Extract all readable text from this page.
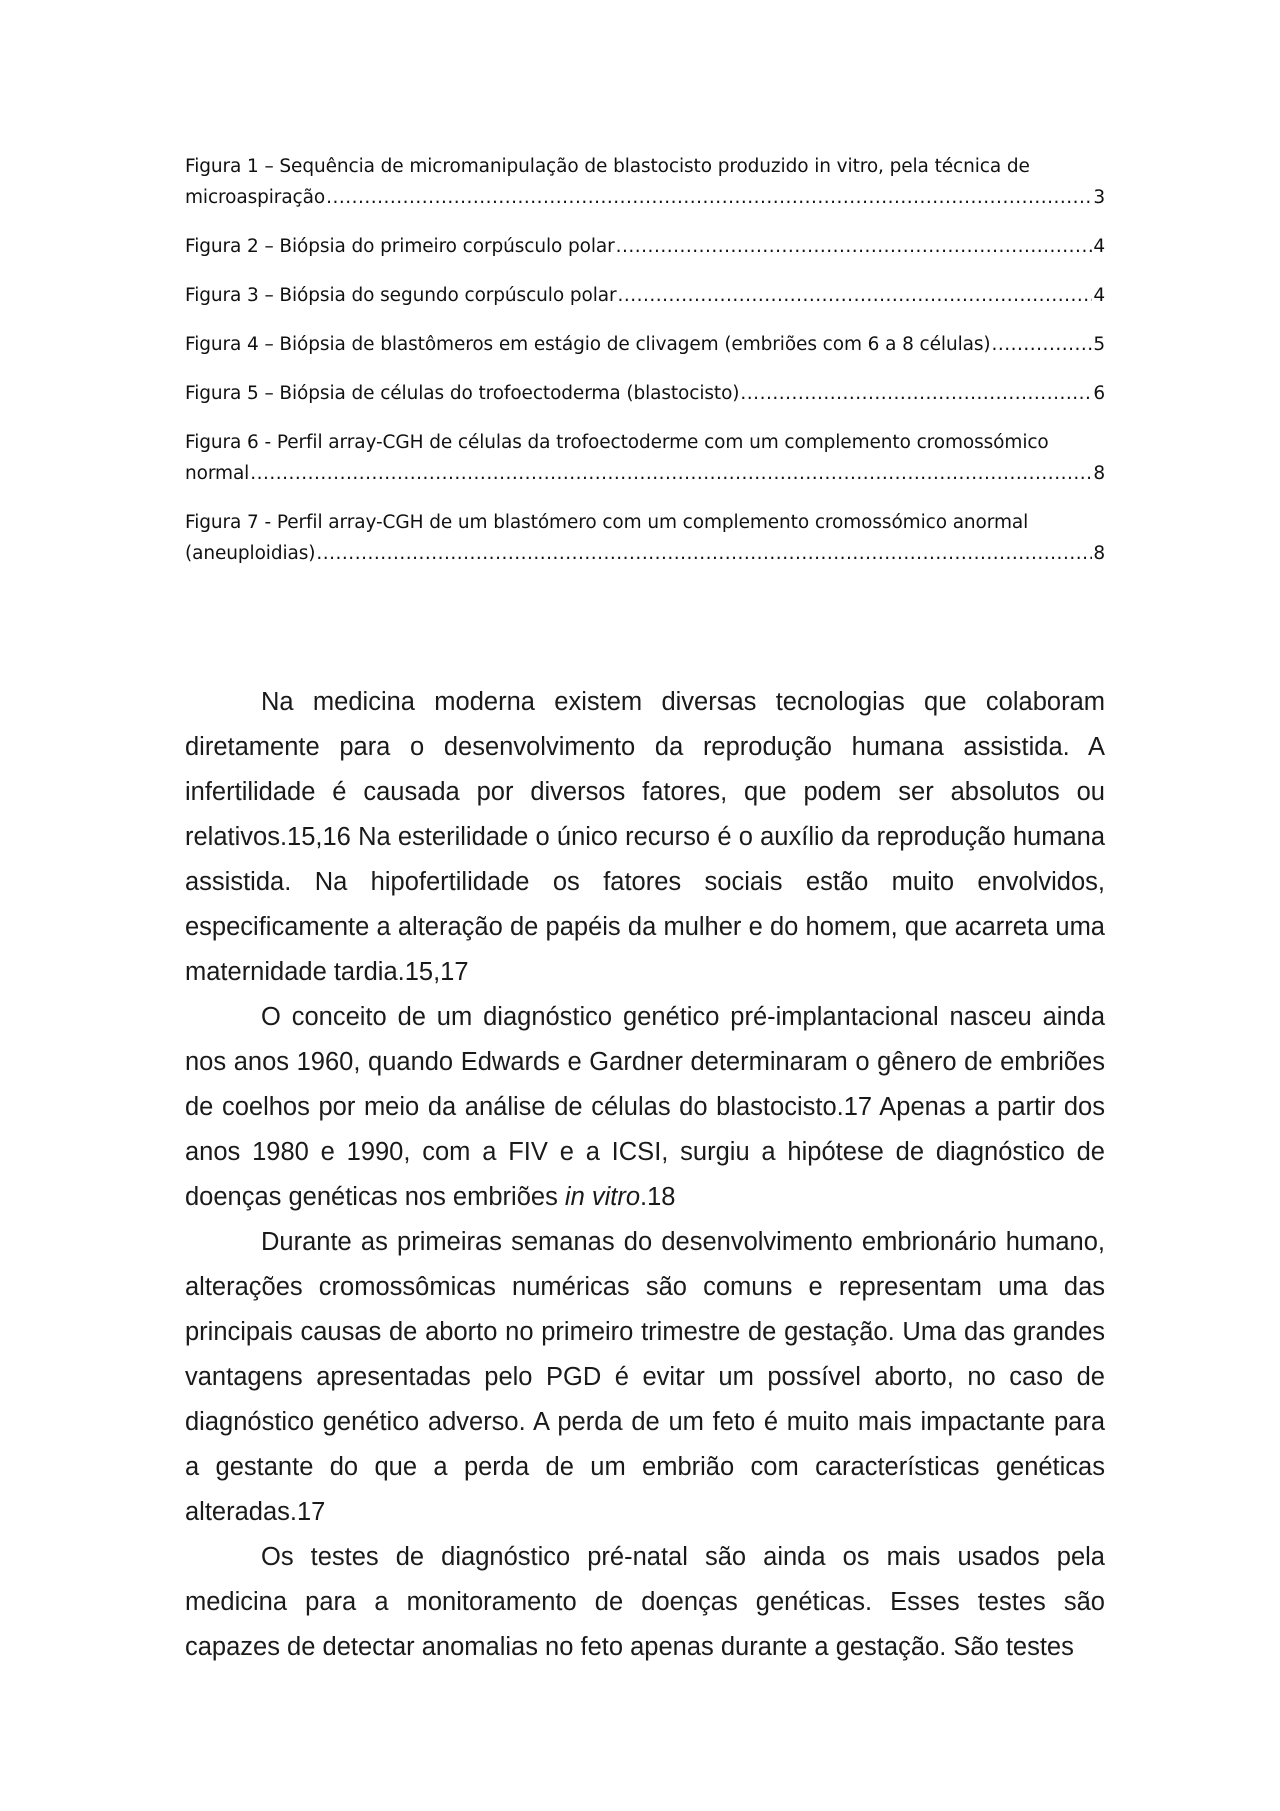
Figura 1 – Sequência de micromanipulação de blastocisto produzido in vitro, pela técnica de
microaspiração .....	3
Figura 2 – Biópsia do primeiro corpúsculo polar .....	4
Figura 3 – Biópsia do segundo corpúsculo polar .....	4
Figura 4 – Biópsia de blastômeros em estágio de clivagem (embriões com 6 a 8 células) .....	5
Figura 5 – Biópsia de células do trofoectoderma (blastocisto) .....	6
Figura 6 - Perfil array-CGH de células da trofoectoderme com um complemento cromossómico
normal .....	8
Figura 7 - Perfil array-CGH de um blastómero com um complemento cromossómico anormal
(aneuploidias) .....	8

Na medicina moderna existem diversas tecnologias que colaboram diretamente para o desenvolvimento da reprodução humana assistida. A infertilidade é causada por diversos fatores, que podem ser absolutos ou relativos.15,16 Na esterilidade o único recurso é o auxílio da reprodução humana assistida. Na hipofertilidade os fatores sociais estão muito envolvidos, especificamente a alteração de papéis da mulher e do homem, que acarreta uma maternidade tardia.15,17

O conceito de um diagnóstico genético pré-implantacional nasceu ainda nos anos 1960, quando Edwards e Gardner determinaram o gênero de embriões de coelhos por meio da análise de células do blastocisto.17 Apenas a partir dos anos 1980 e 1990, com a FIV e a ICSI, surgiu a hipótese de diagnóstico de doenças genéticas nos embriões in vitro.18

Durante as primeiras semanas do desenvolvimento embrionário humano, alterações cromossômicas numéricas são comuns e representam uma das principais causas de aborto no primeiro trimestre de gestação. Uma das grandes vantagens apresentadas pelo PGD é evitar um possível aborto, no caso de diagnóstico genético adverso. A perda de um feto é muito mais impactante para a gestante do que a perda de um embrião com características genéticas alteradas.17

Os testes de diagnóstico pré-natal são ainda os mais usados pela medicina para a monitoramento de doenças genéticas. Esses testes são capazes de detectar anomalias no feto apenas durante a gestação. São testes
